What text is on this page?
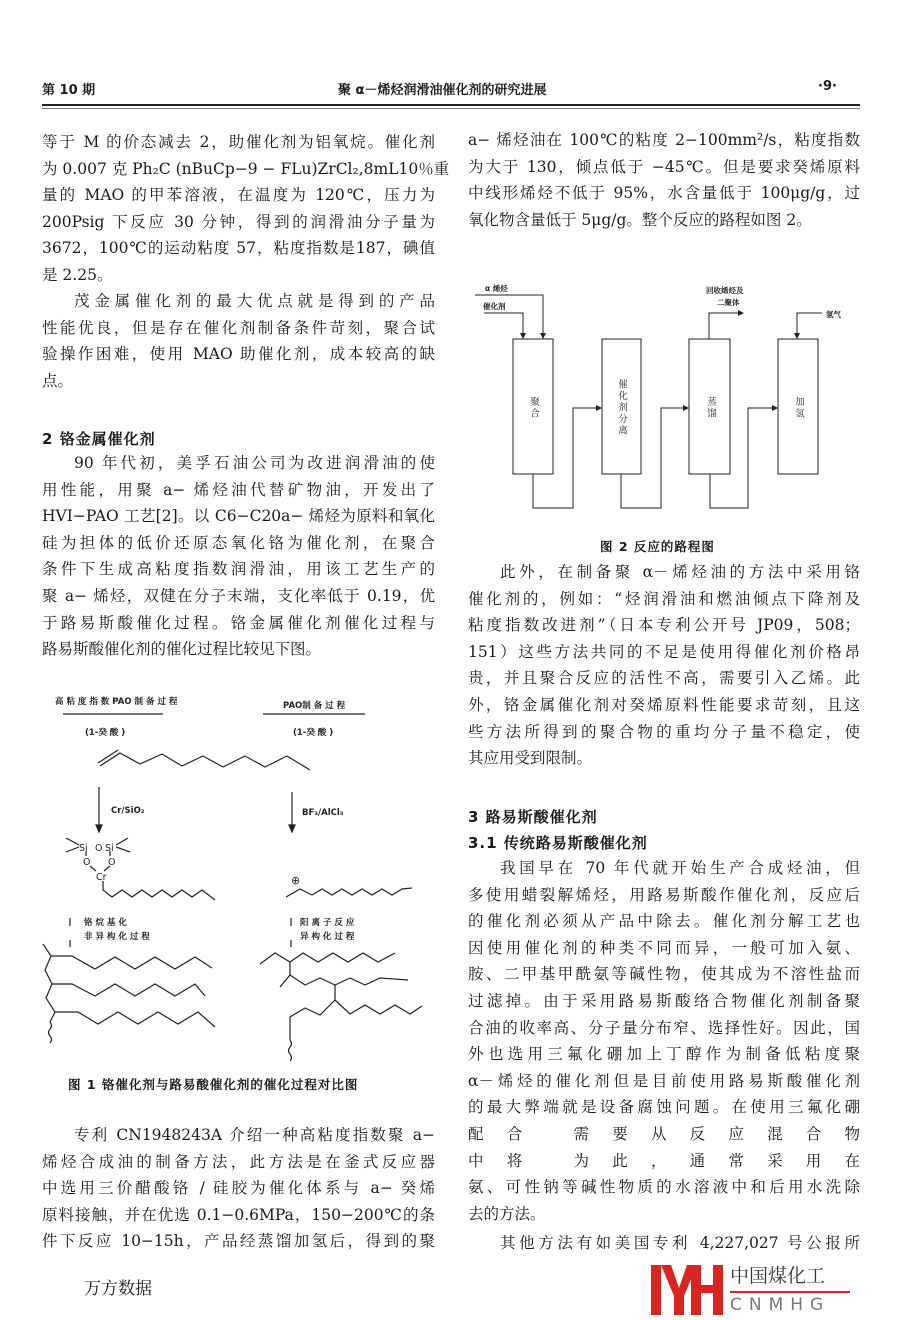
第 10 期	聚 α－烯烃润滑油催化剂的研究进展	·9·
等于 M 的价态减去 2，助催化剂为铝氧烷。催化剂
为 0.007 克 Ph₂C (nBuCp−9 − FLu)ZrCl₂,8mL10％重
量的 MAO 的甲苯溶液，在温度为 120℃，压力为
200Psig 下反应 30 分钟，得到的润滑油分子量为
3672，100℃的运动粘度 57，粘度指数是187，碘值
是 2.25。
茂金属催化剂的最大优点就是得到的产品
性能优良，但是存在催化剂制备条件苛刻，聚合试
验操作困难，使用 MAO 助催化剂，成本较高的缺
点。
2 铬金属催化剂
90 年代初，美孚石油公司为改进润滑油的使
用性能，用聚 a− 烯烃油代替矿物油，开发出了
HVI−PAO 工艺[2]。以 C6−C20a− 烯烃为原料和氧化
硅为担体的低价还原态氧化铬为催化剂，在聚合
条件下生成高粘度指数润滑油，用该工艺生产的
聚 a− 烯烃，双健在分子末端，支化率低于 0.19，优
于路易斯酸催化过程。铬金属催化剂催化过程与
路易斯酸催化剂的催化过程比较见下图。
高 粘 度 指 数 PAO 制 备 过 程	PAO制 备 过 程
(1-癸 酸 )	(1-癸 酸 )
Cr/SiO₂	BF₃/AlCl₃
铬 烷 基 化
非 异 构 化 过 程
阳 离 子 反 应
异 构 化 过 程
Si O Si
O O
Cr	⊕
图 1 铬催化剂与路易酸催化剂的催化过程对比图
专利 CN1948243A 介绍一种高粘度指数聚 a−
烯烃合成油的制备方法，此方法是在釜式反应器
中选用三价醋酸铬 / 硅胶为催化体系与 a− 癸烯
原料接触，并在优选 0.1−0.6MPa，150−200℃的条
件下反应 10−15h，产品经蒸馏加氢后，得到的聚
万方数据
a− 烯烃油在 100℃的粘度 2−100mm²/s，粘度指数
为大于 130，倾点低于 −45℃。但是要求癸烯原料
中线形烯烃不低于 95%，水含量低于 100μg/g，过
氧化物含量低于 5μg/g。整个反应的路程如图 2。
α 烯烃
催化剂
回收烯烃及
二聚体
氢气
聚合	催化剂分离	蒸馏	加氢
图 2 反应的路程图
此外，在制备聚 α－烯烃油的方法中采用铬
催化剂的，例如：“烃润滑油和燃油倾点下降剂及
粘度指数改进剂”（日本专利公开号 JP09，508；
151）这些方法共同的不足是使用得催化剂价格昂
贵，并且聚合反应的活性不高，需要引入乙烯。此
外，铬金属催化剂对癸烯原料性能要求苛刻，且这
些方法所得到的聚合物的重均分子量不稳定，使
其应用受到限制。
3 路易斯酸催化剂
3.1 传统路易斯酸催化剂
我国早在 70 年代就开始生产合成烃油，但
多使用蜡裂解烯烃，用路易斯酸作催化剂，反应后
的催化剂必须从产品中除去。催化剂分解工艺也
因使用催化剂的种类不同而异，一般可加入氨、
胺、二甲基甲酰氨等碱性物，使其成为不溶性盐而
过滤掉。由于采用路易斯酸络合物催化剂制备聚
合油的收率高、分子量分布窄、选择性好。因此，国
外也选用三氟化硼加上丁醇作为制备低粘度聚
α－烯烃的催化剂但是目前使用路易斯酸催化剂
的最大弊端就是设备腐蚀问题。在使用三氟化硼
配合 需要从反应混合物
中将 为此，通常采用在
氨、可性钠等碱性物质的水溶液中和后用水洗除
去的方法。
其他方法有如美国专利 4,227,027 号公报所
中国煤化工
CNMHG
